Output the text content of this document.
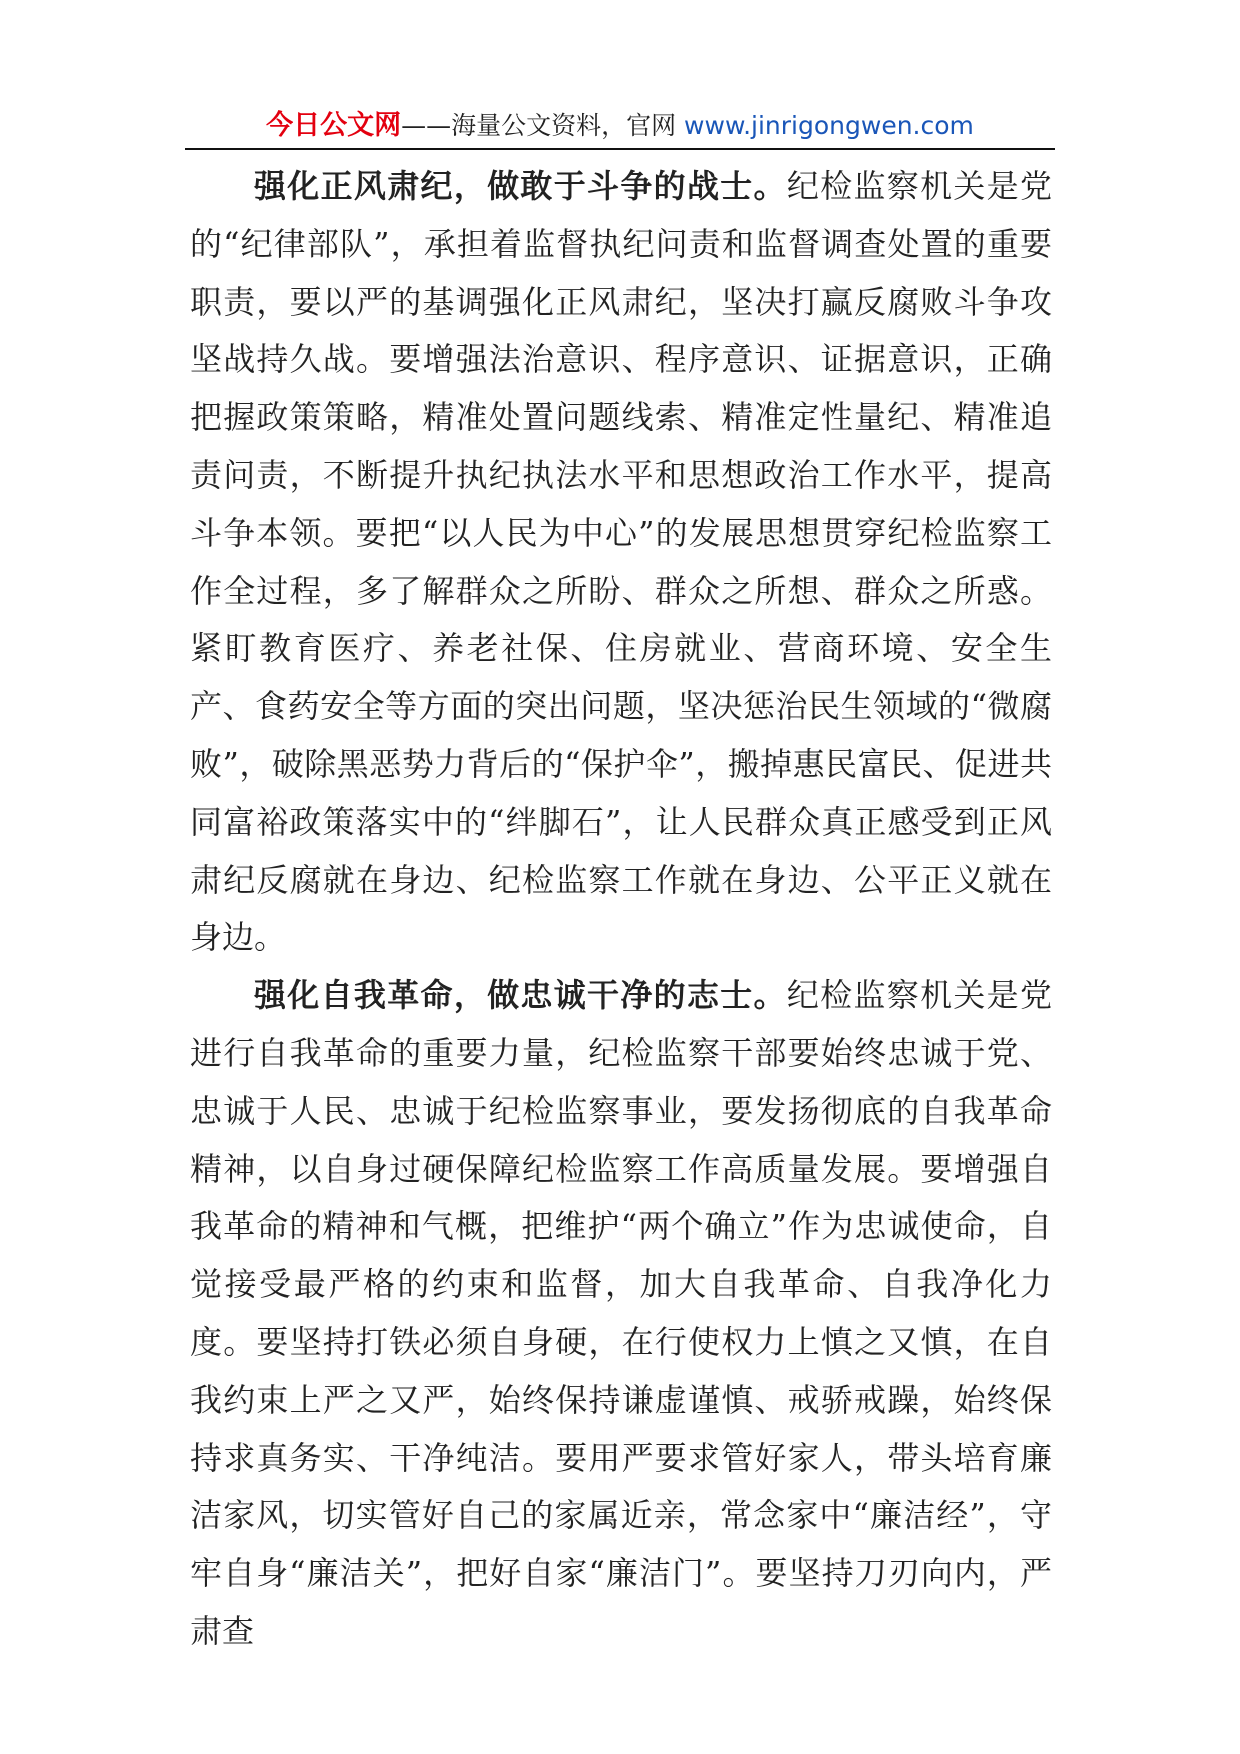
今日公文网——海量公文资料，官网 www.jinrigongwen.com

强化正风肃纪，做敢于斗争的战士。纪检监察机关是党的“纪律部队”，承担着监督执纪问责和监督调查处置的重要职责，要以严的基调强化正风肃纪，坚决打赢反腐败斗争攻坚战持久战。要增强法治意识、程序意识、证据意识，正确把握政策策略，精准处置问题线索、精准定性量纪、精准追责问责，不断提升执纪执法水平和思想政治工作水平，提高斗争本领。要把“以人民为中心”的发展思想贯穿纪检监察工作全过程，多了解群众之所盼、群众之所想、群众之所惑。紧盯教育医疗、养老社保、住房就业、营商环境、安全生产、食药安全等方面的突出问题，坚决惩治民生领域的“微腐败”，破除黑恶势力背后的“保护伞”，搬掉惠民富民、促进共同富裕政策落实中的“绊脚石”，让人民群众真正感受到正风肃纪反腐就在身边、纪检监察工作就在身边、公平正义就在身边。

强化自我革命，做忠诚干净的志士。纪检监察机关是党进行自我革命的重要力量，纪检监察干部要始终忠诚于党、忠诚于人民、忠诚于纪检监察事业，要发扬彻底的自我革命精神，以自身过硬保障纪检监察工作高质量发展。要增强自我革命的精神和气概，把维护“两个确立”作为忠诚使命，自觉接受最严格的约束和监督，加大自我革命、自我净化力度。要坚持打铁必须自身硬，在行使权力上慎之又慎，在自我约束上严之又严，始终保持谦虚谨慎、戒骄戒躁，始终保持求真务实、干净纯洁。要用严要求管好家人，带头培育廉洁家风，切实管好自己的家属近亲，常念家中“廉洁经”，守牢自身“廉洁关”，把好自家“廉洁门”。要坚持刀刃向内，严肃查
